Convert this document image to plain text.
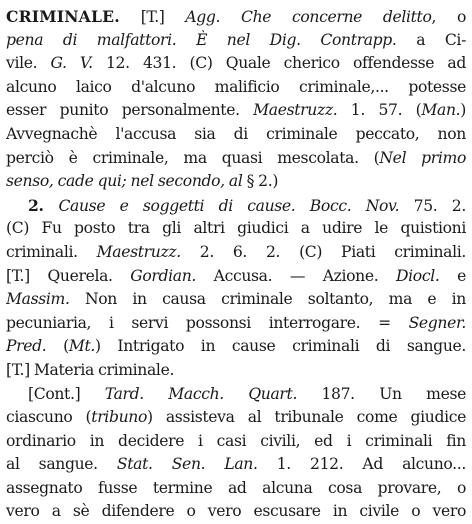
CRIMINALE. [T.] Agg. Che concerne delitto, o
pena di malfattori. È nel Dig. Contrapp. a Ci-
vile. G. V. 12. 431. (C) Quale cherico offendesse ad
alcuno laico d'alcuno malificio criminale,... potesse
esser punito personalmente. Maestruzz. 1. 57. (Man.)
Avvegnachè l'accusa sia di criminale peccato, non
perciò è criminale, ma quasi mescolata. (Nel primo
senso, cade qui; nel secondo, al § 2.)
2. Cause e soggetti di cause. Bocc. Nov. 75. 2.
(C) Fu posto tra gli altri giudici a udire le quistioni
criminali. Maestruzz. 2. 6. 2. (C) Piati criminali.
[T.] Querela. Gordian. Accusa. — Azione. Diocl. e
Massim. Non in causa criminale soltanto, ma e in
pecuniaria, i servi possonsi interrogare. = Segner.
Pred. (Mt.) Intrigato in cause criminali di sangue.
[T.] Materia criminale.
[Cont.] Tard. Macch. Quart. 187. Un mese
ciascuno (tribuno) assisteva al tribunale come giudice
ordinario in decidere i casi civili, ed i criminali fin
al sangue. Stat. Sen. Lan. 1. 212. Ad alcuno...
assegnato fusse termine ad alcuna cosa provare, o
vero a sè difendere o vero escusare in civile o vero
